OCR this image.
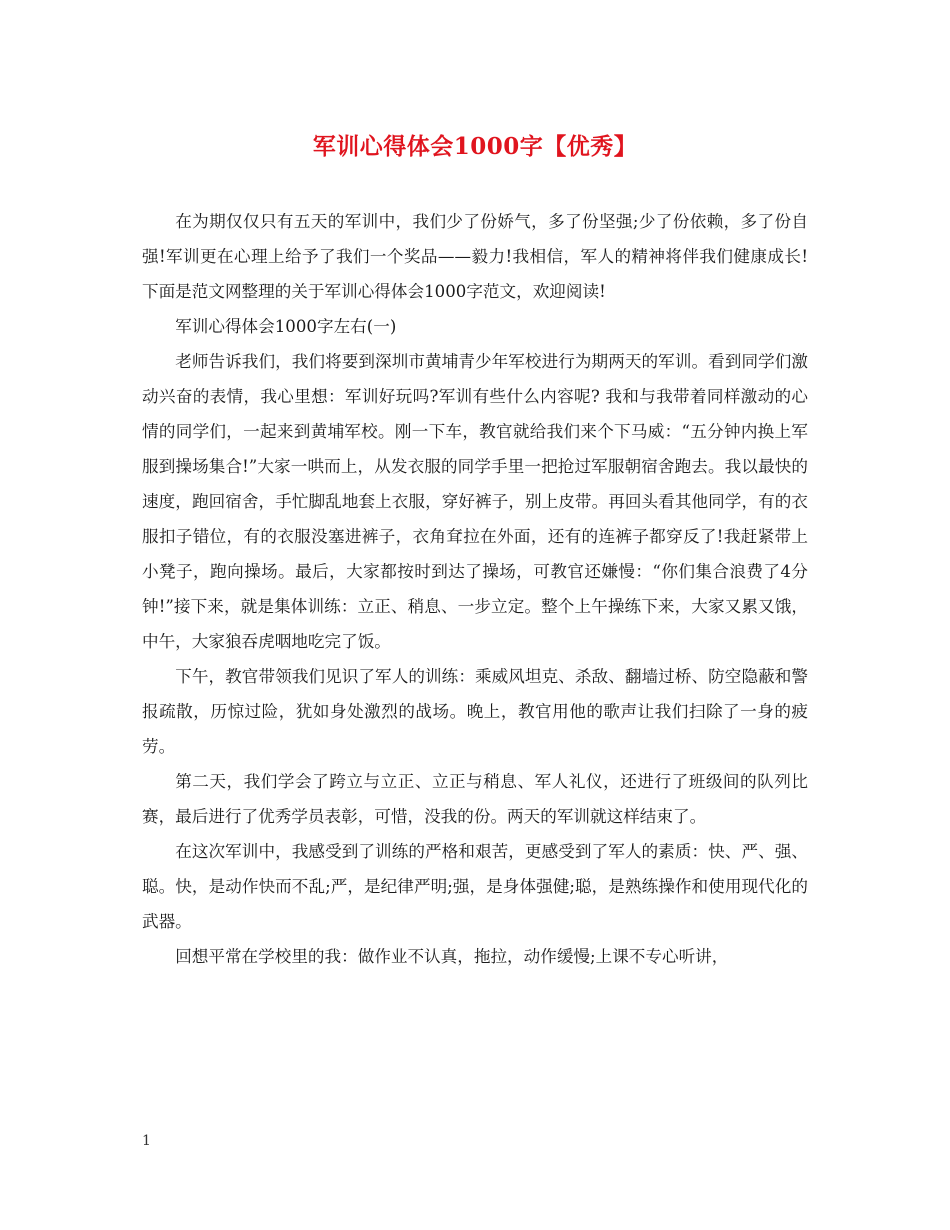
军训心得体会1000字【优秀】

在为期仅仅只有五天的军训中，我们少了份娇气，多了份坚强;少了份依赖，多了份自强!军训更在心理上给予了我们一个奖品——毅力!我相信，军人的精神将伴我们健康成长!下面是范文网整理的关于军训心得体会1000字范文，欢迎阅读!

军训心得体会1000字左右(一)

老师告诉我们，我们将要到深圳市黄埔青少年军校进行为期两天的军训。看到同学们激动兴奋的表情，我心里想：军训好玩吗?军训有些什么内容呢? 我和与我带着同样激动的心情的同学们，一起来到黄埔军校。刚一下车，教官就给我们来个下马威：“五分钟内换上军服到操场集合!”大家一哄而上，从发衣服的同学手里一把抢过军服朝宿舍跑去。我以最快的速度，跑回宿舍，手忙脚乱地套上衣服，穿好裤子，别上皮带。再回头看其他同学，有的衣服扣子错位，有的衣服没塞进裤子，衣角耷拉在外面，还有的连裤子都穿反了!我赶紧带上小凳子，跑向操场。最后，大家都按时到达了操场，可教官还嫌慢：“你们集合浪费了4分钟!”接下来，就是集体训练：立正、稍息、一步立定。整个上午操练下来，大家又累又饿，中午，大家狼吞虎咽地吃完了饭。

下午，教官带领我们见识了军人的训练：乘威风坦克、杀敌、翻墙过桥、防空隐蔽和警报疏散，历惊过险，犹如身处激烈的战场。晚上，教官用他的歌声让我们扫除了一身的疲劳。

第二天，我们学会了跨立与立正、立正与稍息、军人礼仪，还进行了班级间的队列比赛，最后进行了优秀学员表彰，可惜，没我的份。两天的军训就这样结束了。

在这次军训中，我感受到了训练的严格和艰苦，更感受到了军人的素质：快、严、强、聪。快，是动作快而不乱;严，是纪律严明;强，是身体强健;聪，是熟练操作和使用现代化的武器。

回想平常在学校里的我：做作业不认真，拖拉，动作缓慢;上课不专心听讲，

1
